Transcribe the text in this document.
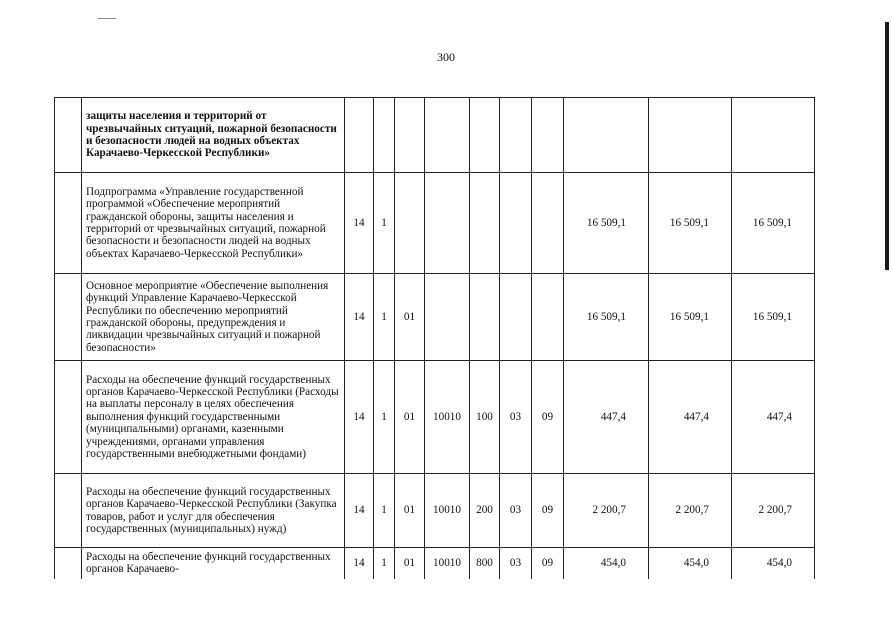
300
	защиты населения и территорий от чрезвычайных ситуаций, пожарной безопасности и безопасности людей на водных объектах Карачаево-Черкесской Республики»										
	Подпрограмма «Управление государственной программой «Обеспечение мероприятий гражданской обороны, защиты населения и территорий от чрезвычайных ситуаций, пожарной безопасности и безопасности людей на водных объектах Карачаево-Черкесской Республики»	14	1						16 509,1	16 509,1	16 509,1
	Основное мероприятие «Обеспечение выполнения функций Управление Карачаево-Черкесской Республики по обеспечению мероприятий гражданской обороны, предупреждения и ликвидации чрезвычайных ситуаций и пожарной безопасности»	14	1	01					16 509,1	16 509,1	16 509,1
	Расходы на обеспечение функций государственных органов Карачаево-Черкесской Республики (Расходы на выплаты персоналу в целях обеспечения выполнения функций государственными (муниципальными) органами, казенными учреждениями, органами управления государственными внебюджетными фондами)	14	1	01	10010	100	03	09	447,4	447,4	447,4
	Расходы на обеспечение функций государственных органов Карачаево-Черкесской Республики (Закупка товаров, работ и услуг для обеспечения государственных (муниципальных) нужд)	14	1	01	10010	200	03	09	2 200,7	2 200,7	2 200,7
	Расходы на обеспечение функций государственных органов Карачаево-	14	1	01	10010	800	03	09	454,0	454,0	454,0
